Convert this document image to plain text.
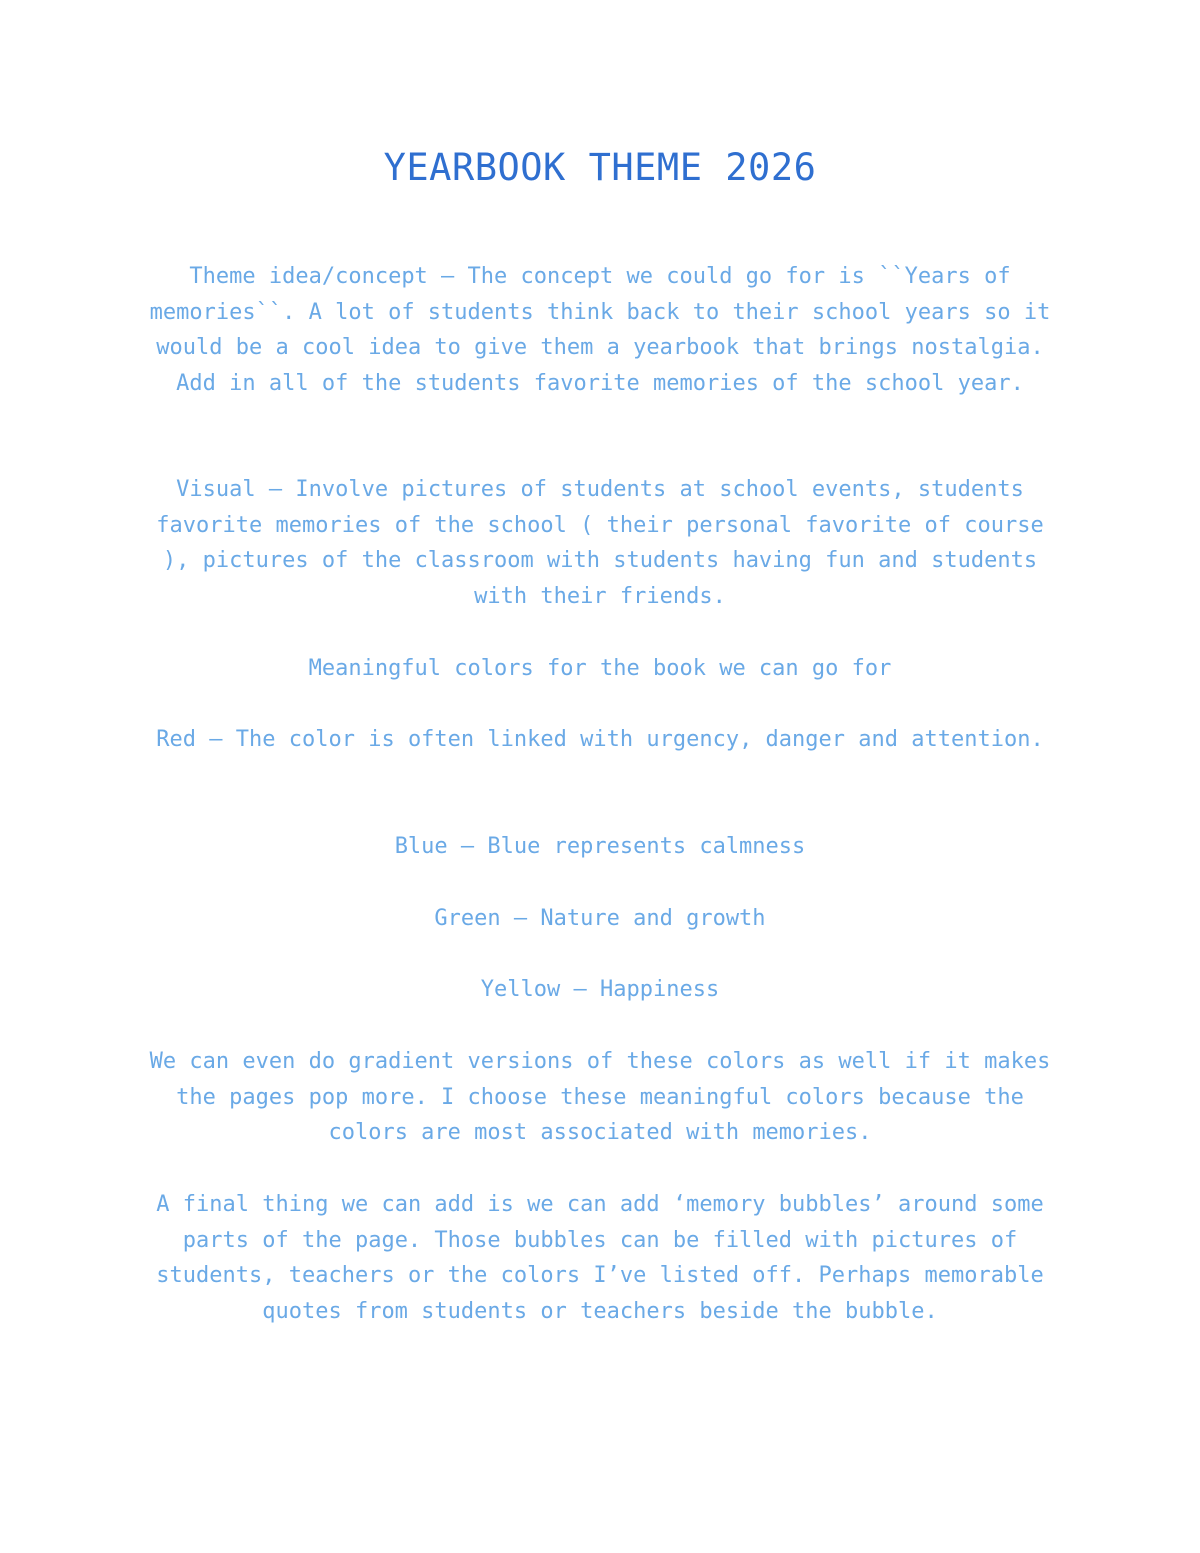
YEARBOOK THEME 2026

Theme idea/concept – The concept we could go for is ``Years of memories``. A lot of students think back to their school years so it would be a cool idea to give them a yearbook that brings nostalgia. Add in all of the students favorite memories of the school year.

Visual – Involve pictures of students at school events, students favorite memories of the school ( their personal favorite of course ), pictures of the classroom with students having fun and students with their friends.

Meaningful colors for the book we can go for

Red – The color is often linked with urgency, danger and attention.

Blue – Blue represents calmness

Green – Nature and growth

Yellow – Happiness

We can even do gradient versions of these colors as well if it makes the pages pop more. I choose these meaningful colors because the colors are most associated with memories.

A final thing we can add is we can add ‘memory bubbles’ around some parts of the page. Those bubbles can be filled with pictures of students, teachers or the colors I’ve listed off. Perhaps memorable quotes from students or teachers beside the bubble.
